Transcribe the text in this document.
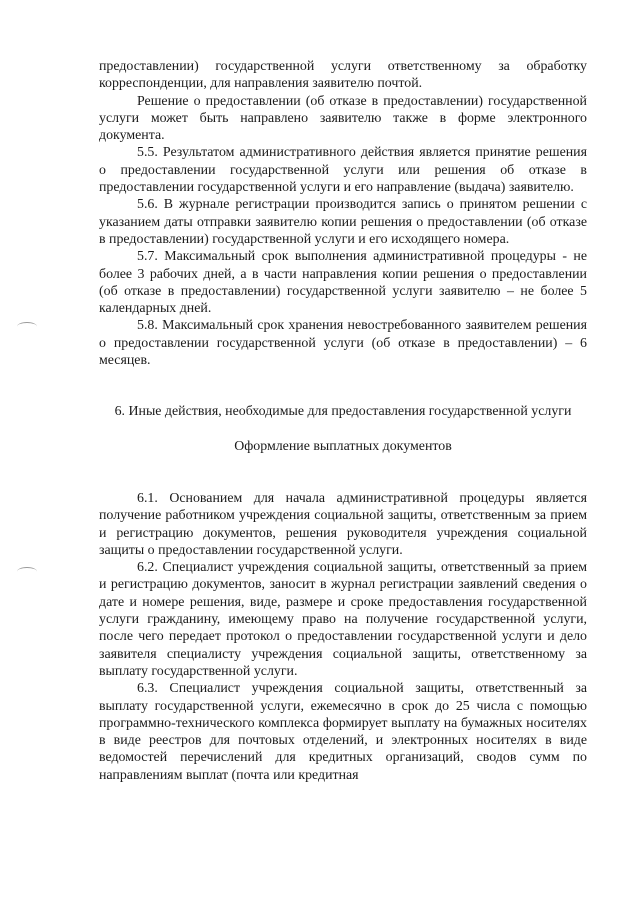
предоставлении) государственной услуги ответственному за обработку корреспонденции, для направления заявителю почтой.

Решение о предоставлении (об отказе в предоставлении) государственной услуги может быть направлено заявителю также в форме электронного документа.

5.5. Результатом административного действия является принятие решения о предоставлении государственной услуги или решения об отказе в предоставлении государственной услуги и его направление (выдача) заявителю.

5.6. В журнале регистрации производится запись о принятом решении с указанием даты отправки заявителю копии решения о предоставлении (об отказе в предоставлении) государственной услуги и его исходящего номера.

5.7. Максимальный срок выполнения административной процедуры - не более 3 рабочих дней, а в части направления копии решения о предоставлении (об отказе в предоставлении) государственной услуги заявителю – не более 5 календарных дней.

5.8. Максимальный срок хранения невостребованного заявителем решения о предоставлении государственной услуги (об отказе в предоставлении) – 6 месяцев.

6. Иные действия, необходимые для предоставления государственной услуги

Оформление выплатных документов

6.1. Основанием для начала административной процедуры является получение работником учреждения социальной защиты, ответственным за прием и регистрацию документов, решения руководителя учреждения социальной защиты о предоставлении государственной услуги.

6.2. Специалист учреждения социальной защиты, ответственный за прием и регистрацию документов, заносит в журнал регистрации заявлений сведения о дате и номере решения, виде, размере и сроке предоставления государственной услуги гражданину, имеющему право на получение государственной услуги, после чего передает протокол о предоставлении государственной услуги и дело заявителя специалисту учреждения социальной защиты, ответственному за выплату государственной услуги.

6.3. Специалист учреждения социальной защиты, ответственный за выплату государственной услуги, ежемесячно в срок до 25 числа с помощью программно-технического комплекса формирует выплату на бумажных носителях в виде реестров для почтовых отделений, и электронных носителях в виде ведомостей перечислений для кредитных организаций, сводов сумм по направлениям выплат (почта или кредитная
